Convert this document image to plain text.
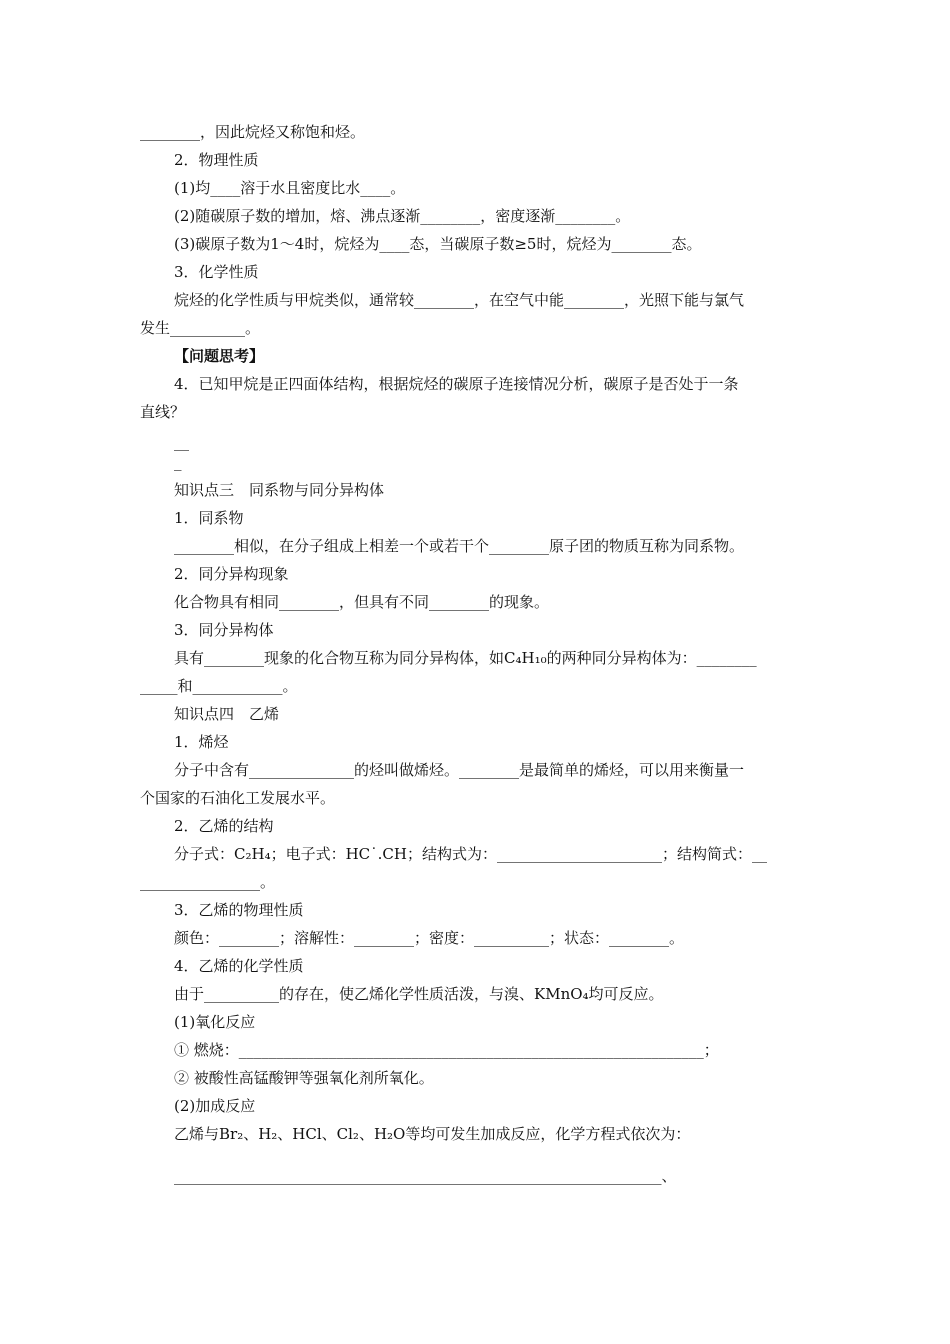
________，因此烷烃又称饱和烃。
2．物理性质
(1)均____溶于水且密度比水____。
(2)随碳原子数的增加，熔、沸点逐渐________，密度逐渐________。
(3)碳原子数为1～4时，烷烃为____态，当碳原子数≥5时，烷烃为________态。
3．化学性质
烷烃的化学性质与甲烷类似，通常较________，在空气中能________，光照下能与氯气
发生__________。
【问题思考】
4．已知甲烷是正四面体结构，根据烷烃的碳原子连接情况分析，碳原子是否处于一条
直线？
__
_
知识点三　同系物与同分异构体
1．同系物
________相似，在分子组成上相差一个或若干个________原子团的物质互称为同系物。
2．同分异构现象
化合物具有相同________，但具有不同________的现象。
3．同分异构体
具有________现象的化合物互称为同分异构体，如C₄H₁₀的两种同分异构体为：________
_____和____________。
知识点四　乙烯
1．烯烃
分子中含有______________的烃叫做烯烃。________是最简单的烯烃，可以用来衡量一
个国家的石油化工发展水平。
2．乙烯的结构
分子式：C₂H₄；电子式：HC˙.CH；结构式为：______________________；结构简式：__
________________。
3．乙烯的物理性质
颜色：________；溶解性：________；密度：__________；状态：________。
4．乙烯的化学性质
由于__________的存在，使乙烯化学性质活泼，与溴、KMnO₄均可反应。
(1)氧化反应
① 燃烧：______________________________________________________________；
② 被酸性高锰酸钾等强氧化剂所氧化。
(2)加成反应
乙烯与Br₂、H₂、HCl、Cl₂、H₂O等均可发生加成反应，化学方程式依次为：
_________________________________________________________________、
